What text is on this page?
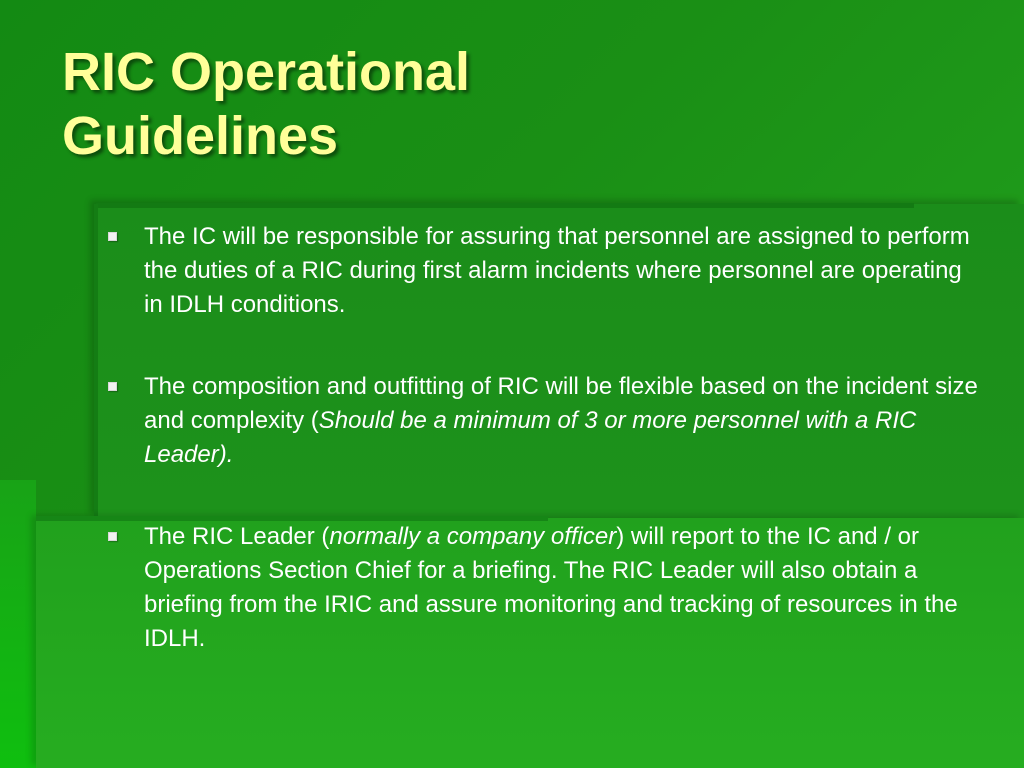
RIC Operational
Guidelines
The IC will be responsible for assuring that personnel are assigned to perform the duties of a RIC during first alarm incidents where personnel are operating in IDLH conditions.
The composition and outfitting of RIC will be flexible based on the incident size and complexity (Should be a minimum of 3 or more personnel with a RIC Leader).
The RIC Leader (normally a company officer) will report to the IC and / or Operations Section Chief for a briefing. The RIC Leader will also obtain a briefing from the IRIC and assure monitoring and tracking of resources in the IDLH.
